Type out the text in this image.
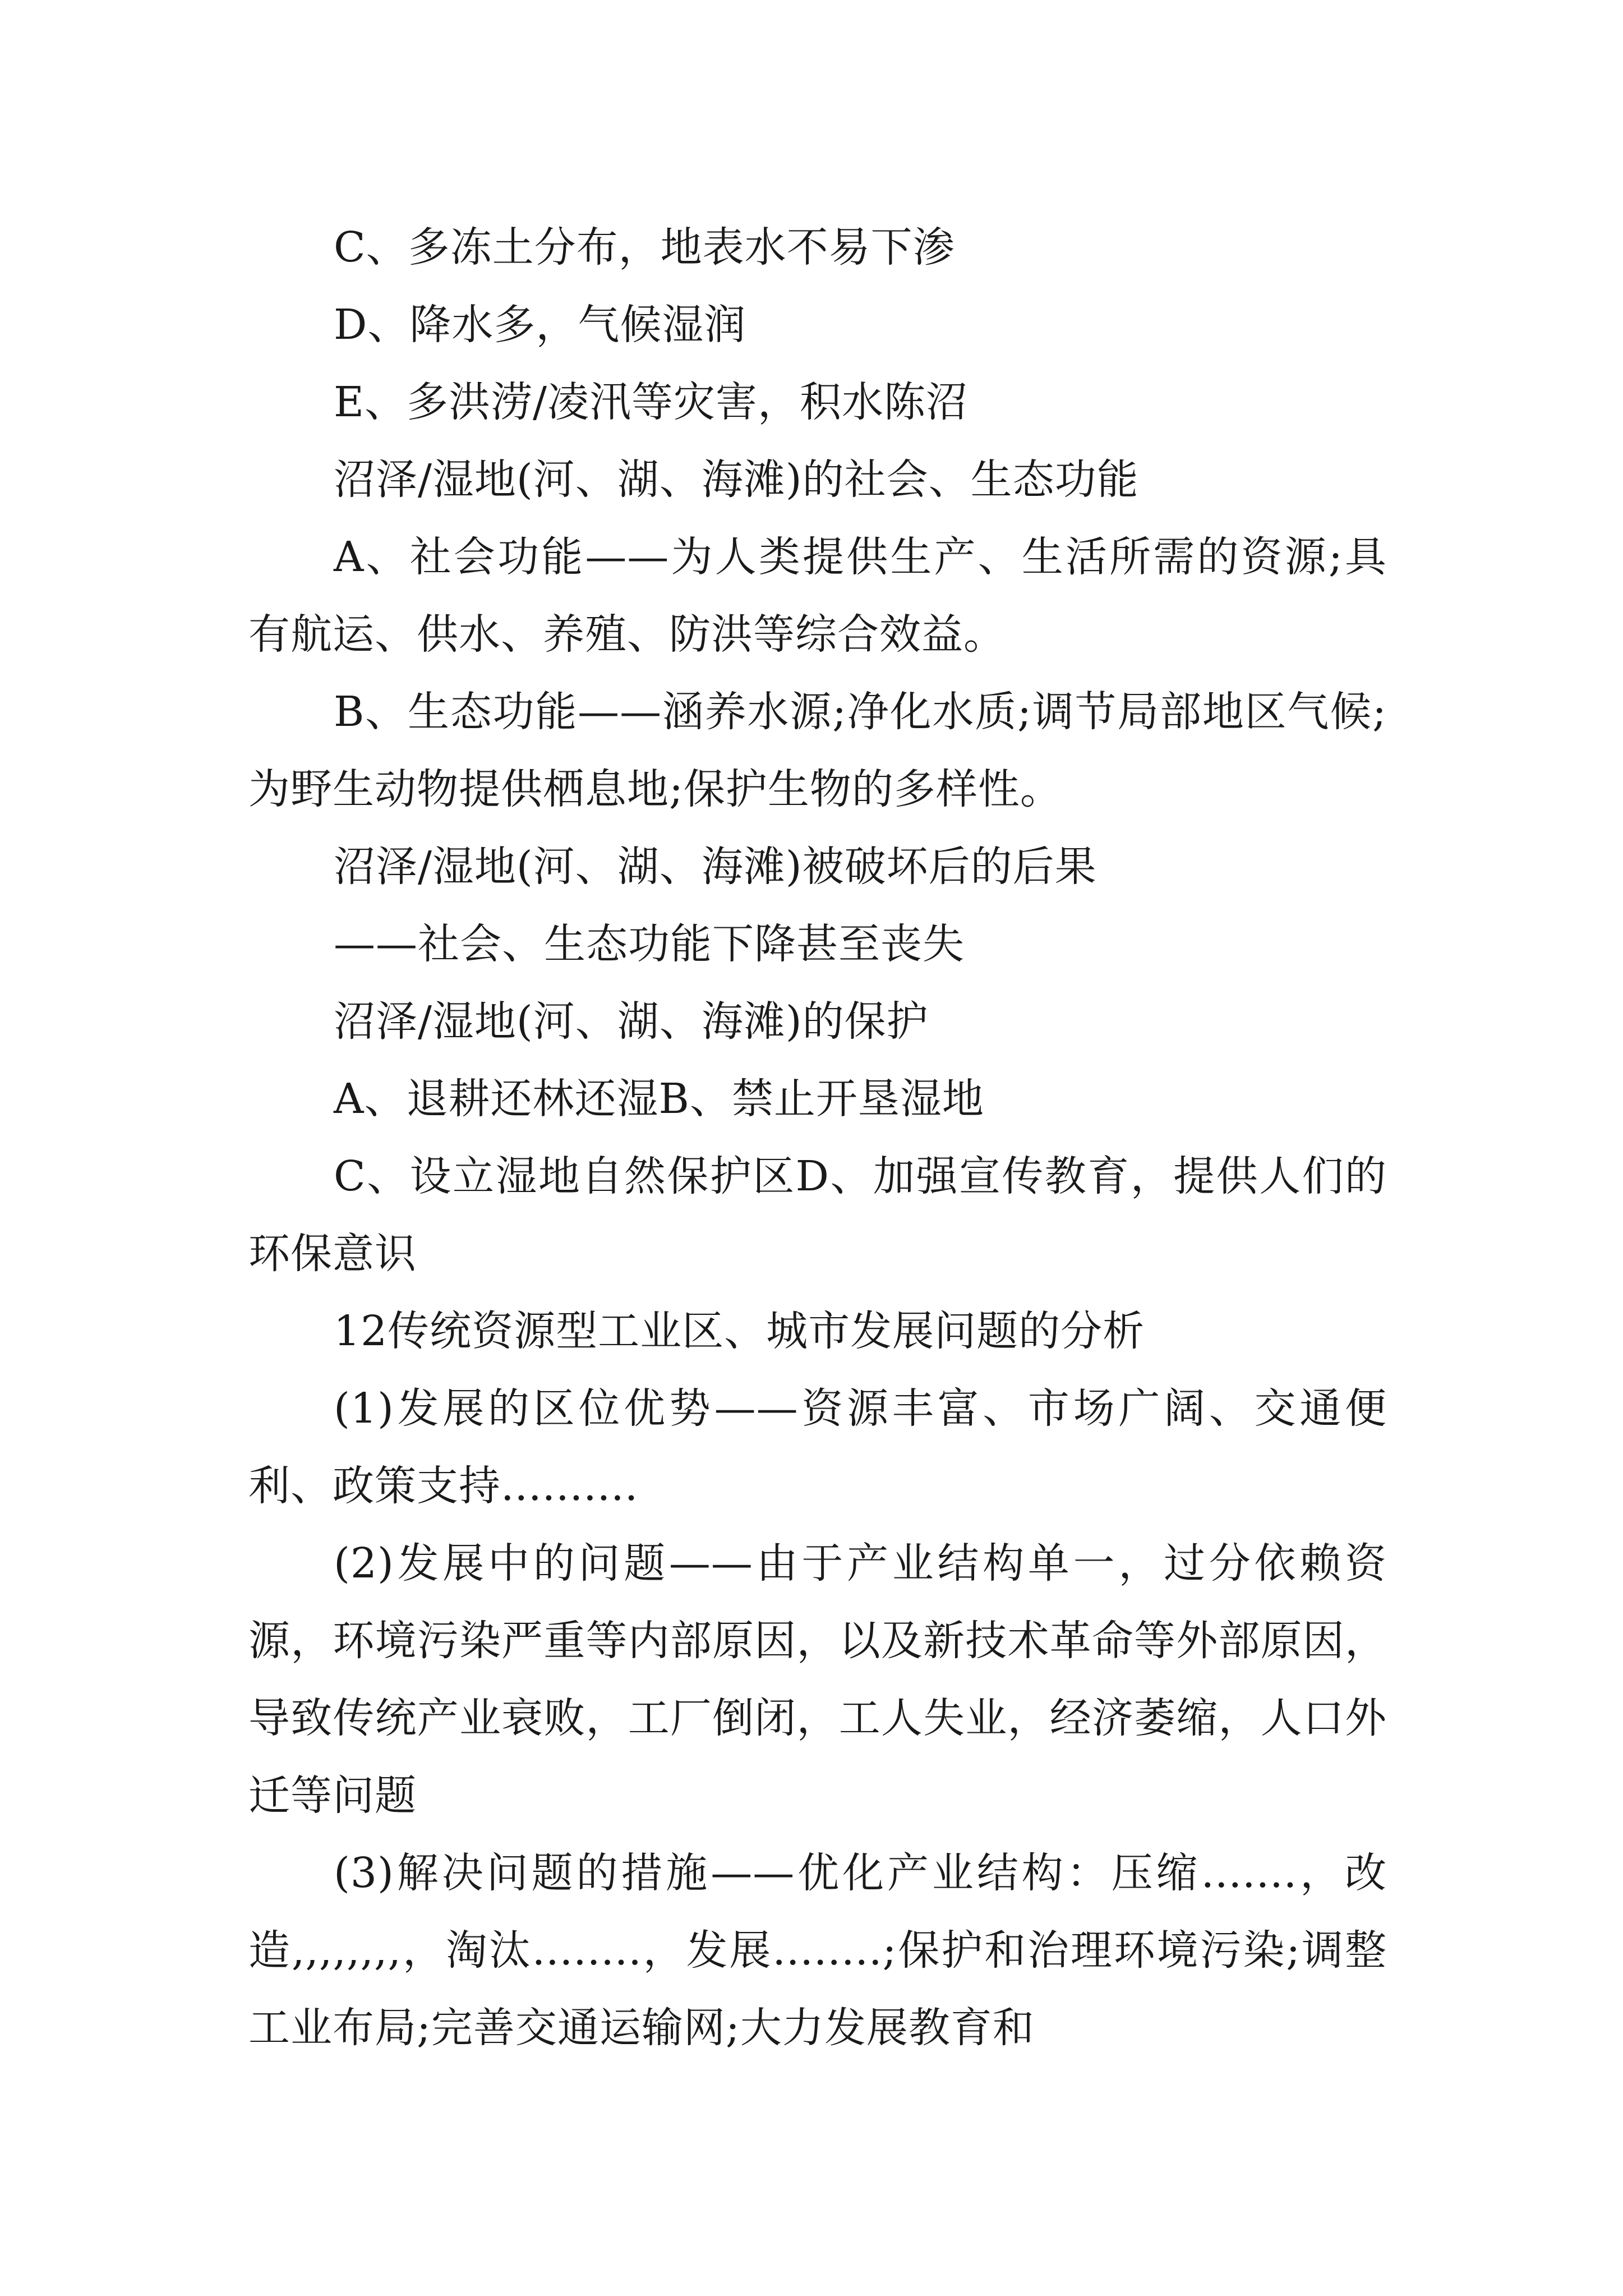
C、多冻土分布，地表水不易下渗

D、降水多，气候湿润

E、多洪涝/凌汛等灾害，积水陈沼

沼泽/湿地(河、湖、海滩)的社会、生态功能

A、社会功能——为人类提供生产、生活所需的资源;具有航运、供水、养殖、防洪等综合效益。

B、生态功能——涵养水源;净化水质;调节局部地区气候;为野生动物提供栖息地;保护生物的多样性。

沼泽/湿地(河、湖、海滩)被破坏后的后果

——社会、生态功能下降甚至丧失

沼泽/湿地(河、湖、海滩)的保护

A、退耕还林还湿B、禁止开垦湿地

C、设立湿地自然保护区D、加强宣传教育，提供人们的环保意识

12传统资源型工业区、城市发展问题的分析

(1)发展的区位优势——资源丰富、市场广阔、交通便利、政策支持..........

(2)发展中的问题——由于产业结构单一，过分依赖资源，环境污染严重等内部原因，以及新技术革命等外部原因，导致传统产业衰败，工厂倒闭，工人失业，经济萎缩，人口外迁等问题

(3)解决问题的措施——优化产业结构：压缩.......，改造,,,,,,,,，淘汰........，发展........;保护和治理环境污染;调整工业布局;完善交通运输网;大力发展教育和
